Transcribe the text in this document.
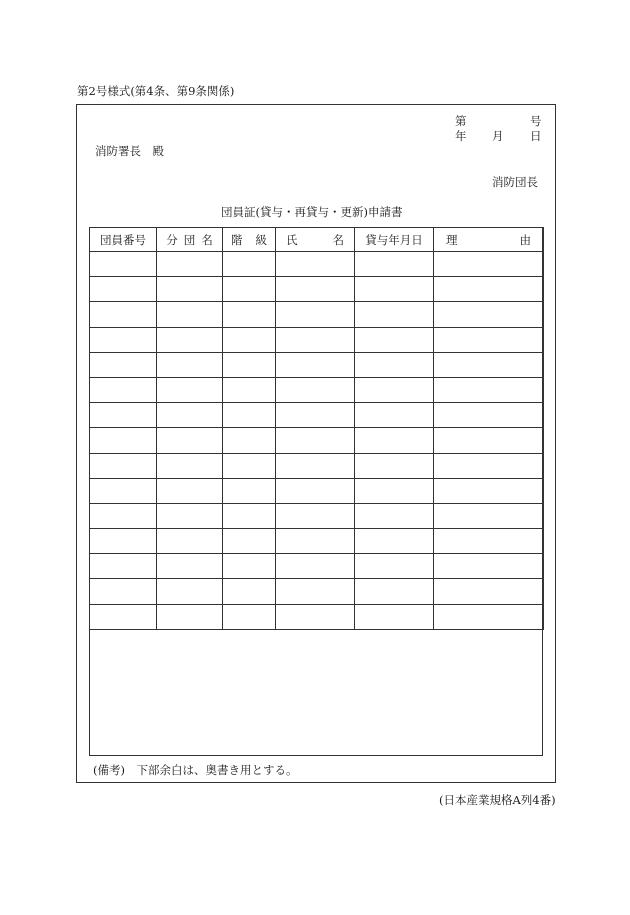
第2号様式(第4条、第9条関係)
第	号
年 月 日
消防署長　殿
消防団長
団員証(貸与・再貸与・更新)申請書
団員番号	分 団 名	階 級	氏 名	貸与年月日	理 由

(備考)　下部余白は、奥書き用とする。
(日本産業規格A列4番)
